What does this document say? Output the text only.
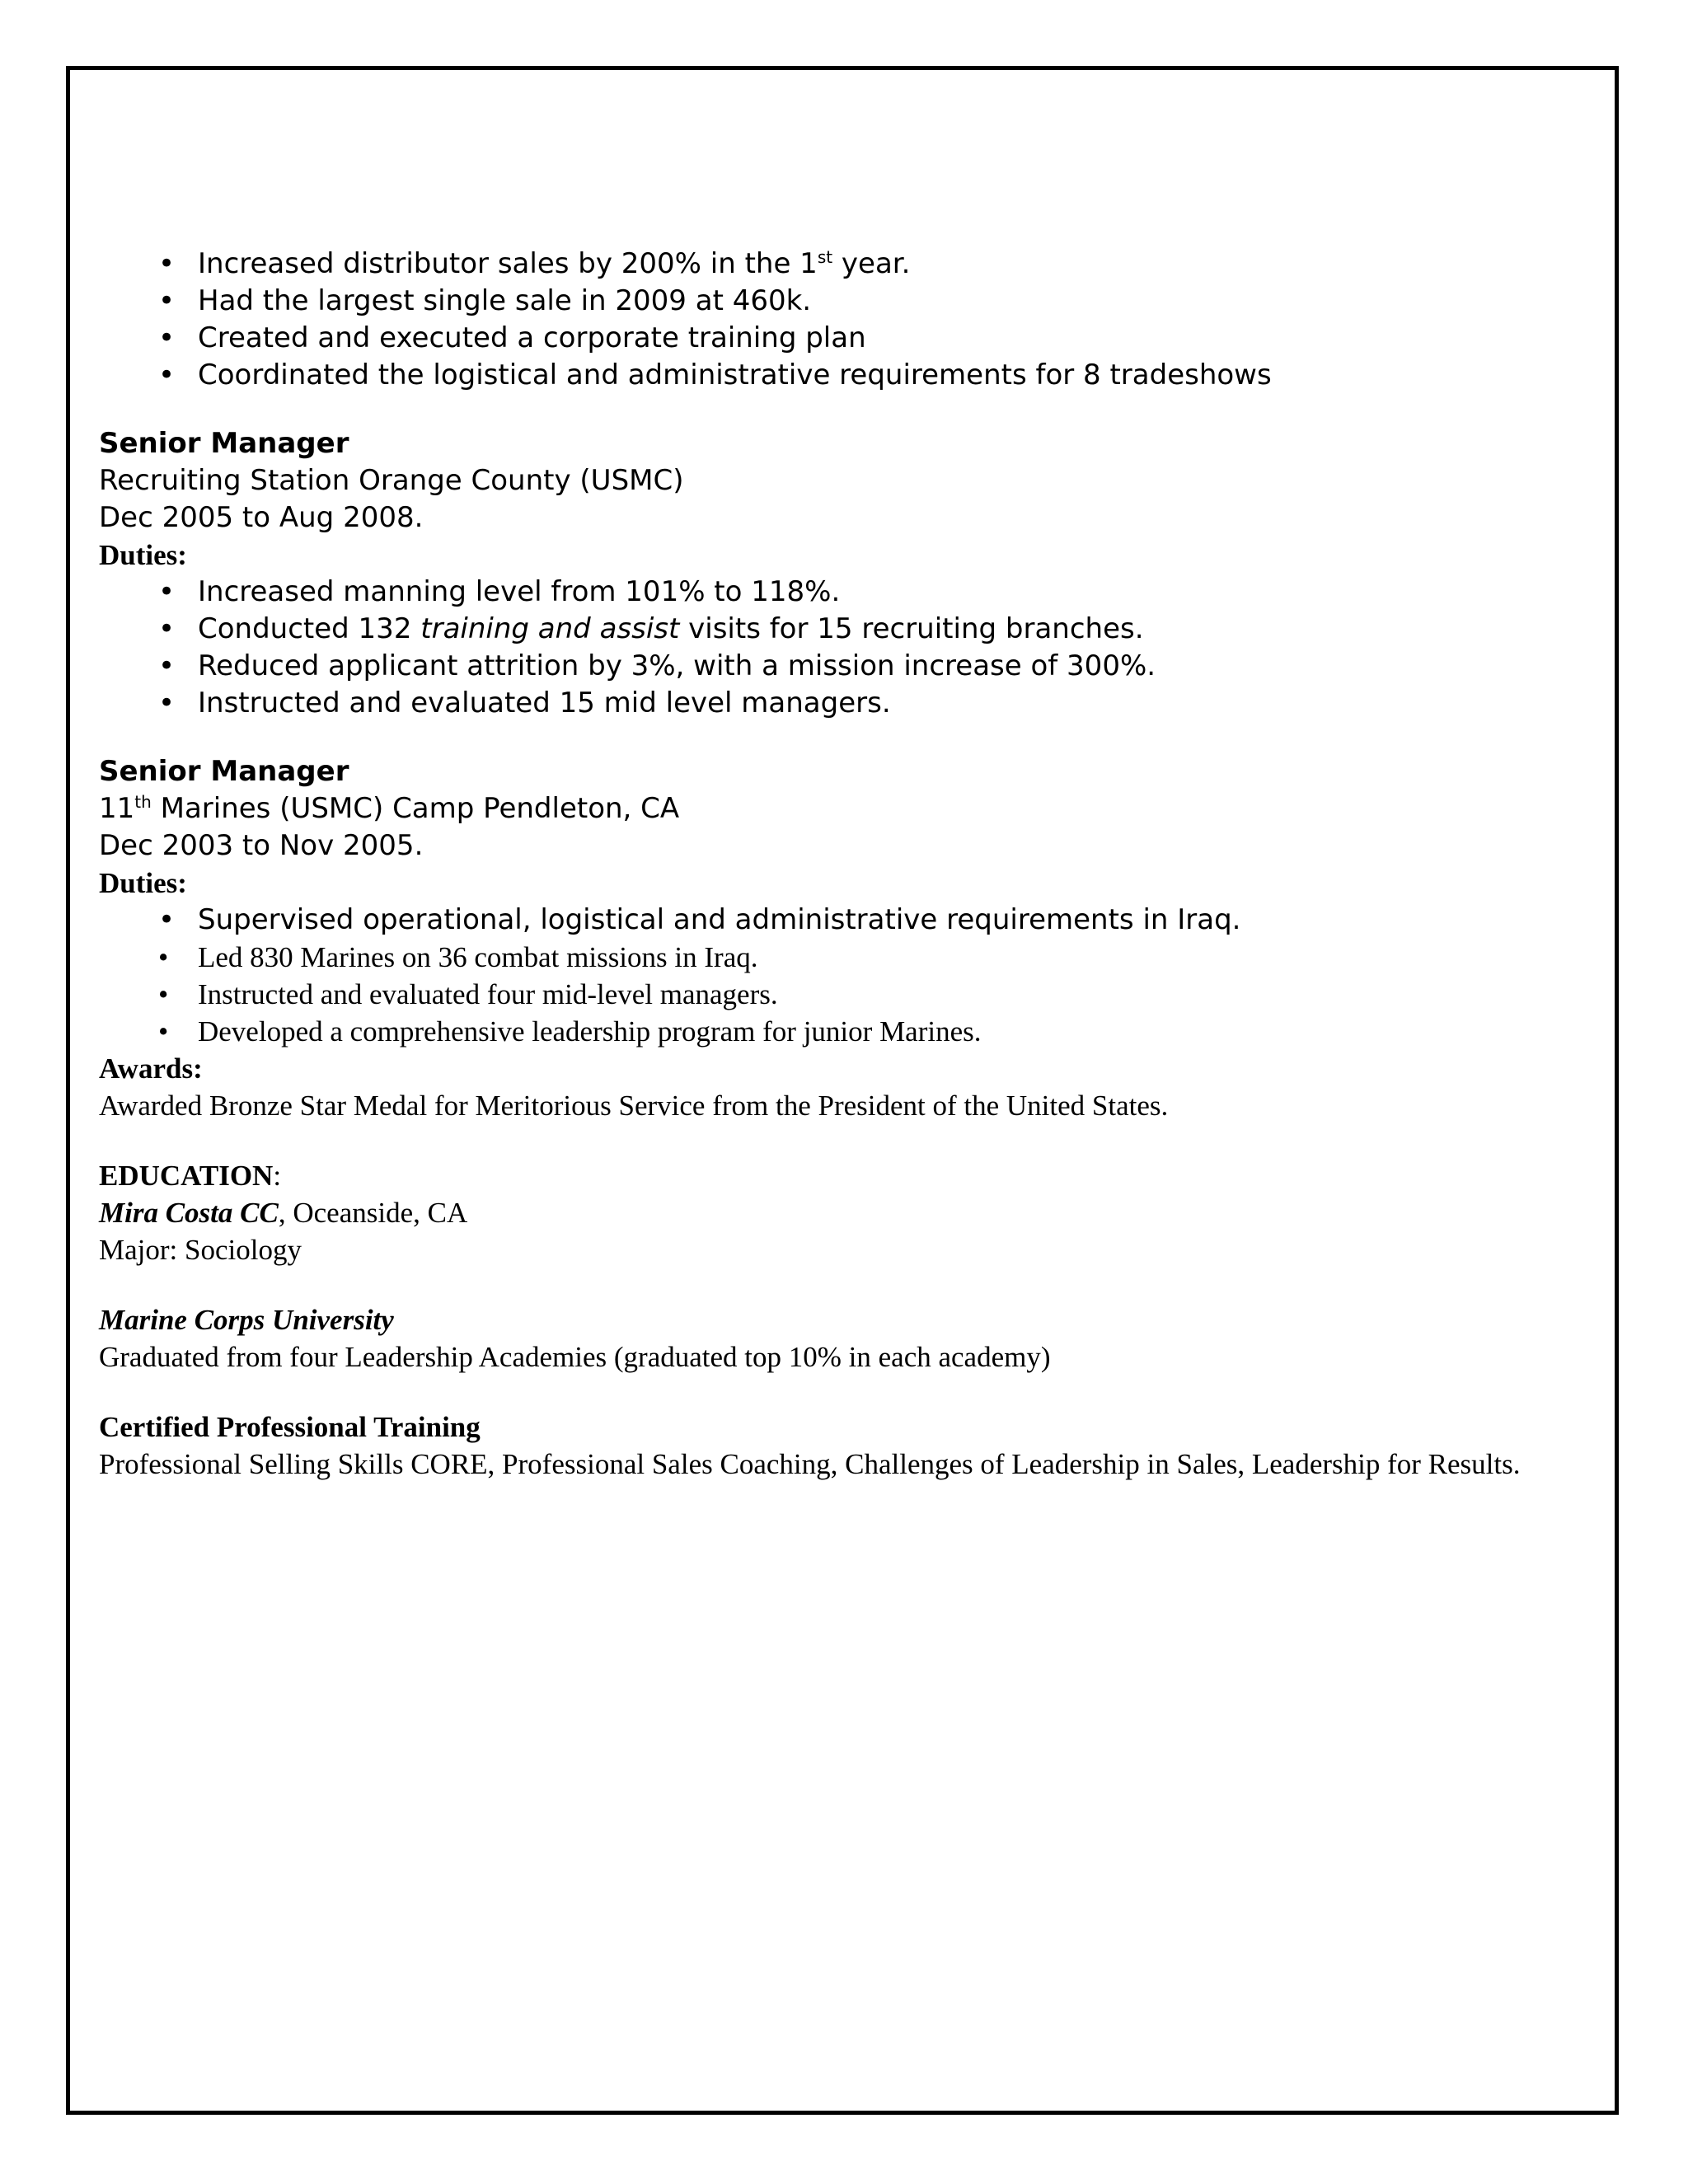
• Increased distributor sales by 200% in the 1st year.
• Had the largest single sale in 2009 at 460k.
• Created and executed a corporate training plan
• Coordinated the logistical and administrative requirements for 8 tradeshows
Senior Manager
Recruiting Station Orange County (USMC)
Dec 2005 to Aug 2008.
Duties:
• Increased manning level from 101% to 118%.
• Conducted 132 training and assist visits for 15 recruiting branches.
• Reduced applicant attrition by 3%, with a mission increase of 300%.
• Instructed and evaluated 15 mid level managers.
Senior Manager
11th Marines (USMC) Camp Pendleton, CA
Dec 2003 to Nov 2005.
Duties:
• Supervised operational, logistical and administrative requirements in Iraq.
• Led 830 Marines on 36 combat missions in Iraq.
• Instructed and evaluated four mid-level managers.
• Developed a comprehensive leadership program for junior Marines.
Awards:
Awarded Bronze Star Medal for Meritorious Service from the President of the United States.
EDUCATION:
Mira Costa CC, Oceanside, CA
Major: Sociology
Marine Corps University
Graduated from four Leadership Academies (graduated top 10% in each academy)
Certified Professional Training
Professional Selling Skills CORE, Professional Sales Coaching, Challenges of Leadership in Sales, Leadership for Results.
